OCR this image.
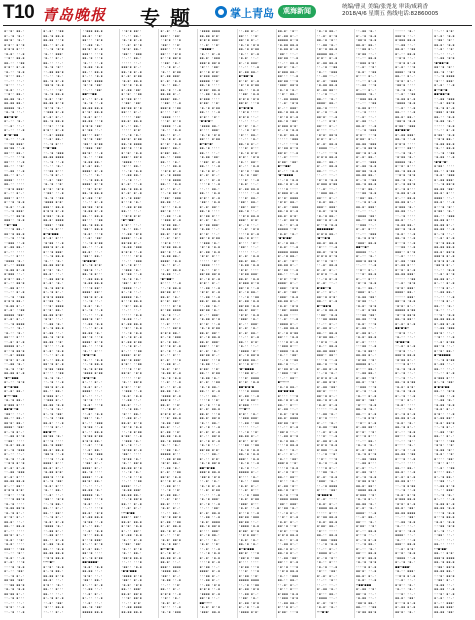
T10 青岛晚报 专题	掌上青岛	观海新闻	统编/曹灵 美编/张尧龙 审读/咸莉香
2018/4/6 星期五 热线电话:82860005
▪··▪· ▪▪-·
▪·-·▪ ·▪-·
▪▪·▪· ·▪-·
▪·▪·· ▪··▪
▪·▪·▪ ▪···
·▪-▪· ··-▪
··▪·· ▪▪-▪
▪▪-·· ··▪▪
▪·▪·· ▪·-▪
·▪-·· ·▪-▪
·▪··· ▪▪-·
··-·· ··-·
·▪··· ··-·
·▪-▪· ··-·
··▪·· ▪▪-·
▪▪-▪▪ ·▪-·
▪▪-▪▪ ▪▪-·
▪▪▪▪▪ ·▪-·
·▪-·▪ ··-·
▪▪··▪·▪·
▪·-·· ·▪-·
··-▪· ··-·
▪·-·· ··-▪
▪··▪··▪▪
·▪-·· ··-▪
···▪▪ ▪▪▪·
▪▪·▪▪ ··-▪
▪▪··· ▪▪-·
··-·· ···▪
▪▪··· ··-▪
▪▪-·· ··▪·
··-▪▪ ··-▪
▪▪-·· ▪·-·
▪▪▪▪· ····
▪▪-·· ····
··▪·▪ ▪▪▪·
▪·-·· ▪·-·
▪▪▪·· ▪···
▪···▪ ·▪-▪
·▪-▪· ··-▪
··-·▪ ▪▪▪·
··-·· ▪▪·▪
▪▪▪·· ·▪-▪
··▪···▪▪
····▪ ▪▪-·
▪▪··▪ ▪▪-▪
··-·▪ ···▪
··▪▪▪ ··-▪
▪·-▪▪ ▪▪-·
▪·-·· ····
··-·· ▪···
·▪▪▪▪ ·▪-·
▪·-·· ▪▪▪▪
·▪-▪▪ ▪·-▪
▪·▪▪▪ ··-·
▪·▪·· ▪▪-·
▪·-·· ▪▪·▪
··-▪▪ ▪···
··-·· ▪·-▪
··-·▪ ··▪▪
▪·▪·▪ ▪▪-·
·▪-▪▪ ▪·-·
▪·-▪· ··▪▪
▪▪▪▪▪ ·▪▪·
▪·-▪· ▪·-·
··-·▪ ▪▪▪▪
··-·· ·▪-·
·▪-·· ·▪-·
▪▪··· ▪···
··-▪· ▪·-▪
▪▪▪▪▪ ▪·-·
▪···▪ ▪▪·▪
··-▪· ▪▪▪▪
·▪·▪· ▪·-▪
··-▪▪ ·▪-·
·▪-·▪ ··▪·
▪▪-▪▪ ▪·-▪
·▪-··▪▪▪
▪·-·· ·▪·▪
▪·-·▪·▪▪
▪·-▪· ▪▪-·
▪·-···▪▪
·▪-·▪ ▪▪-·
▪·▪▪▪ ▪···
▪▪-▪···▪
·▪▪·· ··-·
▪▪-·· ▪▪-·
▪▪·▪· ▪▪-·
▪▪▪▪· ·▪▪·
▪·-·▪ ▪·-·
··-▪▪ ▪··▪
··▪▪· ····
·▪-▪· ▪▪-▪
▪·-·▪ ·▪▪▪
▪·-·· ··-·
·▪-·▪ ··-▪
··▪·▪ ▪··▪
▪·-▪· ▪·-▪
··-▪▪ ·▪▪▪
▪·-▪· ▪···
▪▪-▪▪ ▪▪-▪
▪·-·· ▪▪··
▪·▪·▪ ▪·▪·
··▪·· ···▪
····▪ ▪▪·▪
·▪-·▪ ····
·▪-▪▪ ▪▪·▪
·▪-·▪ ▪·-·
▪··▪· ▪·-·
▪▪-▪· ··-·
▪▪-·· ▪▪-▪
▪·-·· ····
▪▪·▪· ▪·-·
·▪-▪· ··▪·
·▪-▪· ····
▪▪▪·· ··▪▪
··-·· ·▪··
·▪-▪· ··-▪
▪·-▪· ···▪
····▪ ·▪-▪
▪·-·· ·▪▪·
··-·▪ ▪·-·
▪▪·▪▪ ·▪▪·
···▪▪ ▪▪·▪
·▪-·▪ ·▪-▪
▪▪·▪▪ ▪·-·
··-·▪ ▪···
··-·· ··-·
·▪·▪· ··-▪
··-·▪ ··-▪
▪·-▪· ··▪▪
▪▪-·▪ ▪▪-▪
▪▪-▪▪ ···▪
▪▪-·· ▪·-▪
··-·▪ ·▪·▪
·▪-·· ▪▪▪·
·▪-·· ▪·-·
▪▪-·· ··-·
·▪-·▪ ·▪··
··-▪▪ ▪▪·▪
··-·· ·▪-·
▪▪-·▪ ▪·-▪
·▪▪·▪ ·▪-▪
··-·· ··▪·
·▪-·▪ ▪▪-▪
·▪-▪· ··▪·
▪▪-▪▪ ▪··▪
·▪··▪ ·▪-·
··▪▪▪ ▪·-▪
▪·-▪· ▪·-·
▪▪-·▪ ▪▪-▪
···▪· ···▪
▪·▪·· ▪·-▪
··-▪· ▪▪▪▪
··-▪· ▪▪-·
··-·▪ ▪···
···▪··▪▪
··-·▪ ·▪▪▪
▪▪-▪▪ ▪▪▪▪
··-·▪ ··-▪
··-·· ·▪-·
···▪▪ ▪···
··-·▪ ▪·-·
··-▪· ·▪▪·
·▪-·▪ ··▪·
▪··▪· ·▪·▪
··▪▪· ··-▪
·▪-·▪ ··▪▪
·▪▪▪▪ ▪·▪·
▪▪▪·· ▪▪-▪
▪·▪·▪ ▪·-▪
▪·▪▪· ·▪-▪
▪▪-▪· ▪▪▪▪
·▪▪▪· ··▪▪
··-·▪ ▪···
▪·-▪·▪▪▪
▪·-▪· ▪···
·▪·▪▪ ··-▪
▪▪▪·▪ ▪·-▪
▪···▪ ▪▪▪·
··-·▪ ▪▪-▪
·▪-·· ·▪-·
▪▪-▪▪ ▪▪·▪
▪··▪· ·▪-·
▪▪-▪· ··-·
··-▪▪ ▪▪·▪
▪·-▪· ·▪-·
·▪-·▪ ▪▪·▪
▪·-·▪ ▪·-·
▪·▪·▪ ▪▪▪▪
▪··▪▪ ·▪-·
···▪· ▪▪▪▪
▪··▪· ▪▪-·
▪▪-▪▪ ▪·▪·
·▪·▪· ··-·
··-▪▪ ·▪-·
▪·-·▪ ▪▪-▪
▪·-▪▪ ··-·
▪▪-·▪ ·▪·▪
▪▪-▪▪ ··▪·
·▪··· ··-▪
▪·-▪· ·▪-▪
··-·· ▪·-▪
▪·-·· ▪▪-▪
▪▪··▪ ▪·-▪
·▪·▪▪ ·▪▪▪
▪···· ··▪▪
·▪-·▪ ·▪-·
··-·▪ ··-▪
·▪▪·▪ ▪·-▪
▪▪-·· ▪▪-·
▪·▪▪▪ ▪·-·
··▪▪▪ ▪·-·
▪▪-▪▪ ·▪-▪
··-·▪ ·▪-·
▪·-·▪ ·▪▪·
··-·▪ ··▪▪
▪▪-▪· ··-▪
····▪ ▪·-·
▪▪·▪····
▪▪·▪▪ ·▪-·
▪···▪ ····
▪▪-·▪ ▪▪▪·
▪▪-▪· ▪▪-▪
·▪▪·▪ ··-▪
····▪ ··-▪
▪▪▪▪· ▪···
▪▪-▪· ▪·-·
·▪-▪▪ ▪·▪·
▪▪▪·▪ ···▪
▪·-·▪ ·▪▪·
·▪-▪· ▪···
·▪-·· ▪▪-·
··-▪· ··-·
·▪▪·· ·▪·▪
··-·▪ ▪▪-·
▪▪-·· ▪·-·
▪▪-·· ▪▪··
··-·▪ ▪·-·
·▪-▪· ▪·-▪
·▪▪▪▪ ·▪-·
··-▪▪ ▪·-·
··-▪▪ ▪···
▪▪-·· ▪·-▪
▪·-▪▪ ·▪-▪
▪▪-·· ·▪-▪
▪▪-▪▪ ▪▪-▪
··▪·▪ ▪▪-▪
··-··▪··
▪··▪· ·▪-▪
▪·-·▪ ▪▪-·
▪▪-▪▪ ▪··▪
▪▪-▪· ··-·
▪·▪·· ·▪-·
▪▪-·· ▪···
▪▪-·· ··-·
▪·-·▪ ▪·-▪
··-▪· ·▪▪·
·▪··· ▪▪-▪
··-·· ▪·-·
··▪▪▪ ▪▪-▪
▪▪-▪· ··▪·
▪▪··· ·▪·▪
··-▪▪ ·▪-·
▪▪·▪· ▪·-▪
▪▪▪·· ···▪
▪▪-·▪ ···▪
·▪-·· ··-▪
·▪-▪▪ ·▪-▪
▪▪-·· ▪▪-▪
▪·-·· ·▪-▪
▪▪·▪· ▪▪▪▪
·▪··▪ ·▪▪·
··-·· ·▪▪·
▪▪-···▪▪
▪·-·· ▪·-▪
·▪-·▪ ··-▪
▪▪-▪▪ ▪▪-▪
▪··▪· ▪▪-▪
·▪-▪· ▪···
▪▪-▪▪ ···▪
▪·▪·▪ ·▪▪·
▪··▪▪ ··-·
▪▪··· ▪▪··
·▪··▪ ·▪▪·
·▪▪·· ▪·▪▪
··▪▪▪ ·▪▪·
▪▪·▪· ··-▪
·▪-·· ··▪▪
·▪-▪▪ ▪▪-·
▪·-▪· ▪▪-·
▪▪▪▪· ▪·-▪
··-·· ·▪-·
··-·▪ ▪▪-▪
▪▪▪▪· ▪··▪
···▪· ▪·▪·
▪▪-·▪ ▪▪-▪
▪·-▪▪ ··▪·
··-·· ▪·-▪
▪▪·▪▪ ·▪·▪
·▪-▪▪ ▪·-▪
▪▪-·· ▪▪-▪
▪▪··· ··▪▪
▪▪-·▪ ▪▪-▪
·▪▪·· ▪▪-▪
·▪-▪· ···▪
··-▪· ·▪▪·
··-·▪ ▪·▪▪
▪▪-·· ··-▪
▪▪-▪· ··-·
·▪▪·· ▪▪-·
·▪-▪▪·▪·
▪·-·▪ ▪·▪·
·▪▪·▪ ··-·
▪▪-·▪ ▪···
··-▪▪ ▪▪-▪
·▪-▪▪ ▪▪-▪
····▪ ▪▪··
▪▪▪▪· ▪▪··
·▪▪·▪ ▪·-▪
··-·▪ ··-·
·▪-▪· ·▪-·
▪·-·▪ ··-▪
··-·· ··-▪
▪▪▪·▪ ·▪··
··-▪▪ ·▪-▪
··-·· ▪·-▪
▪▪-▪▪ ·▪-·
▪▪··▪ ···▪
▪▪▪▪· ▪··▪
▪▪-·· ···▪
·▪-·· ▪···
·▪-▪···▪
·▪-·· ·▪-▪
··-·▪ ▪▪-▪
·▪-·▪ ▪·▪▪
·▪▪▪▪ ▪·▪▪
·▪-▪···▪
▪·-·· ▪·-·
·▪-▪· ▪·-·
▪▪▪▪· ··-·
▪·-·· ··-·
·▪··▪ ····
·▪-▪· ···▪
▪·-·▪▪··
··-▪· ·▪-▪
·▪▪·· ·▪-·
▪·-·· ·▪▪▪
·▪·▪▪ ··-▪
▪·-·· ▪▪-▪
·▪·▪▪ ▪·▪▪
▪·▪·▪ ▪▪-·
··-▪· ···▪
··-▪· ▪▪-·
···▪▪ ·▪▪▪
··-·▪ ··-▪
··▪▪· ▪·-·
▪▪▪▪· ▪·-·
▪▪-·▪ ····
▪▪▪▪· ··-▪
▪▪·▪· ▪▪-·
··-·· ··-·
▪▪-▪▪ ·▪-·
▪▪▪▪▪ ·▪-·
·▪▪▪· ···▪
·▪-▪· ··-·
··-·· ···▪
▪▪-▪· ·▪·▪
▪·-▪▪ ▪▪-▪
·▪·▪▪ ··-▪
▪·-·· ▪▪-·
··-▪· ·▪-▪
·▪··· ▪▪-▪
▪···▪ ▪▪▪·
▪·-·· ▪··▪
▪·-▪· ▪▪-·
▪▪··▪ ····
▪·-·▪ ▪·▪▪
▪▪·▪▪▪▪·
·▪-▪· ·▪-▪
▪▪-▪▪ ··-·
·▪·▪· ··-·
·▪▪·· ▪▪-·
▪·-·· ▪·-▪
··-▪▪ ··-·
··-▪· ▪·-·
▪·-·· ··-▪
··-▪· ··-·
▪▪-·▪ ·▪▪·
▪▪▪▪▪ ▪▪-▪
··▪·▪ ▪▪··
··-·· ▪▪-·
·▪-·▪ ▪·-▪
··-▪· ▪··▪
·▪·▪· ▪▪-·
·▪▪·· ·▪▪▪
··-·· ▪▪-·
····· ··-·
▪▪▪·▪ ▪·-·
▪▪-·▪ ▪·-▪
▪·-▪· ▪·▪▪
·▪-▪· ▪▪-▪
·▪··▪ ·▪-▪
▪·-▪▪ ·▪▪·
▪··▪· ··▪▪
▪··▪▪ ▪···
··▪▪· ·▪▪·
▪▪·▪▪ ▪··▪
▪▪··· ▪·-·
····· ·▪▪·
▪▪-▪· ▪▪-▪
▪·-·· ▪▪-·
····· ▪·▪·
··-·▪ ·▪-·
▪▪·▪· ▪·▪▪
▪▪-·▪ ▪▪▪▪
▪▪··▪ ···▪
▪··▪· ·▪-▪
▪▪▪·· ▪▪·▪
·▪▪▪▪ ····
·▪··· ▪▪-·
··-·▪ ·▪-▪
··-▪▪ ▪▪-·
··-·▪ ··-·
▪·-▪· ··-▪
▪▪-·▪ ▪▪-▪
▪·-▪· ▪·-▪
▪·-·▪ ▪▪▪·
▪···▪ ·▪-·
··-▪▪ ▪·▪▪
▪▪-·· ··-·
··▪·▪ ▪·▪·
·▪-··▪▪·
▪·▪·· ··-·
·▪-·· ▪▪-·
··-▪▪ ·▪·▪
▪▪▪▪· ··-▪
▪▪·▪▪ ▪·-·
·▪-▪▪ ·▪▪▪
▪·▪·▪ ··-▪
····· ·▪·▪
··-·· ·▪▪▪
▪·-·▪ ▪···
··▪▪▪ ·▪-·
▪··▪▪ ··-▪
·▪-·▪ ·▪-·
·▪▪·· ▪···
·▪▪▪▪ ··-·
▪·-·▪ ··-·
▪▪▪▪▪ ·▪-·
▪···▪ ▪▪-▪
··▪·· ▪▪-▪
··-·· ··-·
····· ·▪-▪
·▪-▪▪ ··-·
▪·-▪▪ ▪▪-▪
··▪·· ·▪-▪
··-·▪ ·▪-▪
▪·-·▪ ▪·-▪
▪·-▪▪ ▪·▪▪
··-·▪ ▪·-·
▪·-·· ··▪▪
▪▪▪▪· ▪·▪·
▪▪··▪ ▪▪▪·
▪·▪·· ··▪▪
····▪ ··▪·
▪▪·▪· ·▪·▪
····· ··▪·
·▪-·· ▪▪·▪
▪·▪·· ··▪·
··▪▪▪ ··-▪
·▪-▪· ·▪-▪
··-▪▪ ··-·
▪▪-▪· ··-·
··-·▪ ▪▪-·
·▪··· ▪▪-·
··-▪▪ ▪·-·
▪▪-▪· ▪··▪
·▪··▪ ·▪-▪
··-·▪ ▪·▪▪
▪·▪▪· ··-▪
··▪▪▪ ·▪-·
▪·-·▪ ··-·
·▪·▪▪ ▪·-▪
·▪▪·· ····
·▪·▪▪ ·▪-·
·▪-·· ▪▪·▪
▪▪-▪▪ ▪··▪
··-·▪ ·▪-·
··-·▪ ···▪
··-·· ··▪▪
▪▪▪▪· ··-·
·▪-▪▪ ▪▪▪·
▪▪-▪▪ ▪▪-·
··-·▪ ▪▪·▪
▪▪-·· ▪·-▪
··-▪· ▪·-·
··-·▪·▪▪
▪▪▪·· ▪▪··
▪▪-▪· ▪▪-▪
▪··▪· ·▪-▪
▪·-·· ▪▪··
▪·-▪▪ ·▪-▪
·▪-·· ▪·-▪
··▪▪· ·▪▪·
·▪-·· ▪··▪
·▪-·· ▪▪-·
·▪▪·▪ ▪▪-▪
··-·· ···▪
·▪▪·· ·▪-▪
·▪·▪·▪▪▪
·▪▪▪▪ ▪··▪
·▪▪·· ▪·-▪
·▪-▪· ·▪·▪
▪▪-·· ▪▪▪·
▪▪-▪· ▪▪·▪
···▪· ▪▪·▪
··-·· ▪·▪·
··-▪▪ ▪▪▪▪
▪▪-▪▪ ▪▪-▪
▪·-▪· ··-▪
▪▪▪·· ·▪▪·
··▪·▪ ···▪
·▪▪·· ··▪·
▪▪▪·· ···▪
▪▪··· ·▪·▪
▪···▪ ▪▪·▪
··▪▪· ·▪-·
··-·▪ ▪·-·
·▪-·· ▪·▪▪
▪·-▪▪ ▪▪▪·
▪·-▪· ·▪-▪
·▪-·· ▪▪-·
▪▪-·▪ ··-▪
▪▪-▪▪ ▪·-·
▪▪▪▪· ▪▪-·
··▪▪· ··-▪
▪▪▪·▪ ··▪▪
▪···· ·▪··
·▪▪▪▪ ····
···▪· ▪··▪
·▪▪▪▪ ··-▪
·▪-·· ·▪-▪
▪▪-·· ▪·-·
·▪-·▪ ▪·-▪
▪··▪· ·▪-▪
▪▪▪·· ▪▪-·
▪·▪▪· ▪▪-·
▪▪-·· ·▪▪▪
▪▪-·· ·▪-·
··-·· ▪▪-▪
··▪·▪ ▪·-▪
▪·-·▪ ▪▪▪▪
····▪ ▪▪▪▪
▪▪-·· ·▪-▪
▪·-·· ▪·-·
··-·▪ ▪▪·▪
··▪▪· ·▪▪▪
▪▪-▪▪ ··-·
·▪··· ·▪-▪
▪▪··▪ ····
··-▪▪ ··-▪
··▪▪▪ ▪·-▪
·▪·▪▪ ▪▪-·
·▪-▪▪ ▪▪··
▪▪-▪· ·▪·▪
··-▪· ·▪··
··▪·▪ ····
·▪·▪▪ ▪▪-▪
▪▪··▪ ··-▪
·▪-▪▪ ▪▪-·
▪▪▪▪· ·▪-▪
·▪-·· ▪·-·
··-▪· ▪▪-▪
·▪-▪▪ ··-·
·▪-·▪▪··
▪···· ··-▪
··-·▪ ▪▪-▪
▪▪·▪▪ ▪···
▪▪-▪· ·▪-·
▪··▪· ▪▪··
····· ▪··▪
▪··▪▪ ▪▪▪▪
·▪-·▪ ··-·
▪▪-▪· ▪·-·
··-▪· ····
··-·· ▪▪·▪
▪·▪·▪ ▪▪-·
▪·-·▪ ·▪▪▪
▪·-·▪ ▪▪-·
▪···▪ ▪·-▪
▪·-·▪ ··-▪
▪·-·· ▪···
▪·-▪· ···▪
··-▪▪ ▪·-·
·▪-▪· ·▪··
·▪-▪▪ ▪·-▪
·▪-·▪ ·▪-▪
··-▪· ··-▪
▪·-·· ▪·-▪
▪▪-▪▪ ·▪-·
·▪▪▪▪ ▪·-▪
▪▪▪·▪ ··-·
▪▪-▪· ··▪·
··-·▪ ▪·-·
▪·▪·▪ ▪·-▪
···▪· ▪▪-▪
·▪-▪▪ ·▪▪·
▪▪-▪· ··-·
▪·-▪▪ ··▪·
▪▪-▪▪ ·▪-▪
▪▪-·▪ ▪▪▪▪
·▪-·· ·▪-·
···▪▪ ·▪-·
▪▪▪▪▪ ▪···
··-▪▪ ▪·▪▪
·▪·▪· ▪▪-·
··-▪▪ ·▪-·
▪·-▪· ··▪▪
▪▪·▪· ·▪-▪
▪···▪ ▪·-▪
··-▪▪ ▪···
··-·▪ ··▪·
▪·-▪▪ ▪▪-·
··-▪· ·▪··
▪▪-▪· ····
·▪-▪· ▪·-·
··-·· ▪▪-·
·▪··▪ ▪▪·▪
▪·-▪▪ ··▪▪
▪·-▪· ▪▪-▪
▪▪-·▪ ▪·-▪
▪·-·· ··▪·
·▪-▪· ▪▪·▪
·▪-·▪ ▪▪··
▪·-·▪··▪
▪·-·▪ ▪·-·
▪▪-▪▪ ▪·-▪
▪▪-▪· ··-·
▪▪▪·· ▪▪▪▪
·▪▪▪▪ ▪▪-·
·▪▪·· ▪·-·
·▪-▪▪ ··-▪
··-·· ··▪·
▪▪-·· ▪·-·
▪·▪·▪ ··-▪
··▪·· ·▪-·
·▪-▪· ▪·-·
·▪··· ··-▪
·▪-·▪ ·▪▪▪
·▪▪▪▪ ▪▪▪▪
▪▪-▪▪ ▪·▪·
▪·▪·▪ ▪▪▪·
··-▪· ··▪·
··▪▪▪▪··
·▪-·· ▪·-▪
▪▪-▪· ·▪▪▪
▪▪▪·▪ ▪▪·▪
·▪··· ·▪▪·
▪···▪ ▪·▪·
▪·▪▪▪ ▪▪▪·
▪▪▪▪▪ ··▪·
▪▪-·▪ ····
▪·▪▪· ▪▪-▪
··-▪▪ ·▪-▪
▪·▪▪▪ ····
▪·▪▪· ··▪·
·▪-·▪ ▪·▪▪
▪▪-·· ··-▪
▪·▪·· ·▪··
·▪·▪·▪··
·▪▪▪▪ ▪▪-·
▪···· ▪▪▪·
·▪-·▪ ·▪·▪
▪▪··· ▪·▪▪
▪·-▪··▪·
▪▪-·▪ ····
▪▪-·· ··-·
·▪-▪▪ ·▪▪·
··▪▪· ▪·-▪
▪▪-·· ··-▪
·▪-·▪ ▪·-·
▪·-▪· ▪·-·
▪·-·· ▪·-▪
····▪ ··-▪
··-·· ▪▪-·
▪▪-·· ·▪-▪
▪·▪·· ▪·-▪
·▪▪·· ·▪-▪
▪·-▪· ▪▪··
▪▪-·▪ ····
▪··▪▪ ▪···
▪·-▪· ·▪-·
▪··▪▪ ▪▪▪·
·▪-▪▪ ··-·
▪··▪· ··-·
▪▪··▪ ▪·▪▪
··▪▪▪ ·▪-·
·▪··▪ ·▪-▪
▪·-▪▪ ·▪-▪
·▪·▪· ▪···
····· ·▪··
·▪▪▪▪ ····
·▪-·· ·▪··
▪▪·▪▪ ▪▪·▪
▪·-·▪ ▪·-▪
▪·▪·· ▪·-·
··-▪▪ ··-▪
·▪·▪· ▪·-▪
··-▪▪ ··-▪
▪▪-▪· ▪▪-▪
··-▪▪ ·▪-·
▪▪·▪▪ ·▪-·
▪·-·· ▪▪▪·
·▪-▪▪ ▪··▪
▪··▪· ··-▪
·▪-·▪ ▪·▪▪
▪▪-▪· ▪▪··
▪·-·▪ ▪▪-▪
▪▪-▪· ▪▪▪·
▪▪▪·· ··▪·
▪·-▪· ·▪-·
▪▪·▪▪ ▪·-·
·▪▪▪· ···▪
·▪-▪▪ ··-·
▪·▪▪· ··▪·
▪▪-·· ▪·▪▪
·▪-▪▪ ·▪-·
▪·-▪· ··▪▪
·▪-·▪ ▪▪-·
▪▪-·· ▪·-▪
··-·· ▪▪-·
····▪ ··▪·
▪·-·▪ ···▪
▪·-▪· ▪▪-▪
▪▪-▪· ···▪
▪▪-▪· ▪▪·▪
·▪-·· ▪▪-·
▪·-·▪ ··-▪
▪·-▪· ▪·-▪
▪·-·· ▪▪·▪
▪·-·▪ ▪·-▪
·▪-·▪ ··-·
▪▪·▪▪ ▪·▪·
··-·· ▪▪-·
▪·-·· ▪·▪·
·▪-·▪ ▪▪·▪
▪▪-·▪·▪▪
▪▪▪·▪ ▪▪-▪
·▪▪·▪ ·▪·▪
··-▪· ·▪-·
·▪-·▪ ▪·-▪
··-▪· ▪·▪▪
··-·· ··-▪
·▪-·▪ ▪▪▪·
▪·-·▪ ··-▪
··-·· ·▪▪·
▪·-▪· ▪▪-▪
··-▪▪ ··-▪
·▪-▪· ▪▪▪▪
▪▪-·▪ ▪▪·▪
▪···· ▪▪▪·
▪·-·▪ ▪▪-·
▪·-·· ·▪-·
·▪-▪· ··▪·
··-▪· ··-▪
··-·▪ ·▪-▪
▪·-▪· ·▪-▪
····▪ ▪·-▪
▪··▪▪ ··-·
▪▪▪▪· ▪·-▪
···▪▪ ▪·-·
··-▪▪ ▪·-·
··-▪▪ ·▪·▪
▪·▪·▪ ··-▪
·▪▪▪▪ ▪·-▪
▪▪··▪ ··-·
▪▪······
·▪-▪· ▪··▪
·▪▪▪· ▪▪-▪
··-▪▪ ▪·-·
▪▪··· ··▪·
▪▪··▪ ▪·-·
·▪-·▪ ·▪·▪
▪▪-·▪ ▪·▪▪
·▪-·· ▪·-▪
·▪-▪· ··-·
▪·-·▪ ▪▪▪·
··-·· ··-▪
▪·-▪▪ ▪▪-·
▪·-▪▪··▪
▪··▪· ▪·-▪
·▪··▪ ▪·▪▪
▪▪-·· ·▪-▪
··▪▪· ·▪-▪
▪·▪·▪ ·▪·▪
▪▪·▪· ···▪
▪·-▪·▪·▪
··▪·▪ ····
▪·▪·▪ ··-·
··-·· ··-·
▪··▪· ·▪-·
··-·▪ ·▪··
·▪··· ▪▪-·
··-·· ·▪-·
▪▪-·▪ ▪·-·
···▪· ▪···
·▪-·▪ ▪·▪·
▪·▪·· ·▪·▪
·▪-·· ▪▪··
▪·-·· ·▪-▪
·▪··▪ ··▪▪
·▪-·▪ ·▪▪·
···▪· ··-▪
·▪-▪· ··-·
▪·-▪▪ ▪▪-▪
····· ··-▪
···▪· ▪▪-·
·▪▪·· ▪▪-·
·▪▪·· ▪▪··
▪▪-·▪ ··-·
··▪·▪ ▪▪-▪
▪▪▪·· ▪·▪·
▪·-·▪ ··-·
··-▪· ·▪·▪
····▪ ▪·-▪
▪▪-·▪ ▪···
▪···· ·▪··
·▪▪·· ··-·
····· ··-·
▪·-▪· ·▪-▪
▪▪-▪· ▪▪-·
·▪-▪▪ ·▪-▪
·▪·▪· ····
·▪·▪▪ ▪▪▪·
▪▪-▪· ·▪-▪
▪·▪▪▪ ▪··▪
▪▪··▪ ··-▪
▪·-·▪ ▪▪-·
··-·▪ ··▪▪
▪·-▪▪ ·▪-▪
▪▪·▪▪ ·▪-▪
▪▪-▪· ▪▪··
·▪·▪· ·▪-▪
·▪▪▪· ·▪-·
▪·-·· ▪▪▪·
▪·-▪· ·▪-·
▪·-▪· ▪▪-·
··-·· ▪·-▪
▪▪-·· ▪·▪·
·▪-·· ··-·
·▪▪▪▪ ·▪··
▪·-·▪ ▪▪·▪
▪·▪▪▪ ▪▪-·
▪···▪ ▪···
·▪··▪▪▪▪
···▪▪ ▪·-·
···▪· ▪▪▪▪
▪··▪· ·▪-▪
▪▪-▪·▪·▪
····▪ ▪▪▪▪
▪·-▪▪ ··-▪
·▪··▪ ▪▪··
▪·▪▪▪ ····
··-·▪···
▪·▪·· ·▪-·
··▪▪▪ ▪▪▪·
··-▪▪ ··▪▪
····· ··-·
··-·▪ ··▪·
▪▪-▪▪ ▪·-·
▪·▪·· ▪·▪·
···▪▪ ··▪▪
·▪-·▪ ·▪-▪
▪▪-·▪ ·▪-▪
▪▪▪·· ·▪-▪
·▪-·▪ ··-▪
·▪-·▪ ··-·
▪▪▪▪▪ ▪·-·
▪···· ·▪-·
·▪-·· ·▪▪▪
·▪-▪· ▪·-·
··-▪· ▪···
··-·▪ ·▪▪▪
·▪-▪· ▪·▪▪
·▪▪▪· ▪···
·▪-▪· ··-▪
▪···▪ ··-▪
▪▪·▪▪ ·▪▪▪
▪▪·▪▪ ··-·
·▪▪▪▪ ·▪-▪
▪·▪▪· ▪··▪
··▪·▪ ▪▪··
·▪-▪· ·▪-·
▪▪-·▪ ·▪-·
▪·-▪·▪▪▪
▪▪·▪· ···▪
·▪▪·▪ ··▪▪
▪···· ····
·▪·▪▪ ···▪
···▪· ···▪
▪··▪▪ ··▪·
▪▪▪▪▪ ▪▪▪▪
··-·▪ ··▪▪
▪·-▪▪ ·▪·▪
··-▪▪ ▪·-·
··▪▪· ·▪-·
▪·-▪▪ ·▪·▪
▪·-·▪ ··-▪
·▪▪▪▪ ▪·▪·
▪▪-▪· ·▪··
▪·-▪▪ ▪·-·
▪▪▪▪▪ ▪··▪
·▪-▪▪ ▪▪-▪
·▪-▪▪ ▪·-▪
·▪▪·· ··-·
▪▪·▪▪ ··-▪
··-·· ▪▪-▪
▪▪·▪· ·▪-·
▪·▪▪▪ ▪▪-·
▪▪··· ··-▪
▪▪·▪▪ ···▪
·▪▪▪· ▪▪·▪
·▪-·▪ ·▪-·
··▪·· ▪▪-·
··-▪▪ ▪▪▪▪
··-▪· ·▪·▪
▪·-·· ▪▪▪·
▪▪-·▪ ▪▪-▪
·▪··▪ ▪·-▪
▪▪-·▪ ·▪▪·
▪·▪▪▪ ▪·▪·
▪·-·▪ ·▪-▪
·▪-▪· ▪▪-▪
····· ·▪▪▪
··-·· ···▪
▪··▪▪ ▪··▪
▪▪·▪· ··-▪
··-▪· ····
▪·▪▪· ·▪▪·
▪····▪▪·
▪·-·· ·▪-▪
·▪-·▪▪▪▪
··-·▪ ·▪-▪
▪▪-·▪ ▪·-▪
····▪ ····
▪·▪▪▪ ▪·-▪
▪··▪· ▪▪▪▪
·▪·▪· ▪▪-·
▪·-▪· ·▪▪▪
▪▪-·▪ ▪·-▪
▪▪-▪· ▪·▪·
··-▪· ▪▪·▪
·▪-·· ▪·-▪
▪▪▪▪▪ ··▪·
·▪-▪· ·▪-·
·▪-▪·▪▪·
▪·-·▪ ▪▪-·
·▪-▪· ··-▪
▪▪▪▪▪ ▪▪▪▪
▪·-·▪ ▪▪-·
▪·-▪· ·▪··
▪▪-▪▪ ▪·-·
▪··▪▪ ··-▪
▪▪-·· ··-▪
·▪·▪· ··▪·
▪▪▪▪· ▪·-·
·▪▪▪· ·▪·▪
▪·-▪· ·▪▪·
·▪▪▪· ·▪-▪
▪▪-▪▪ ▪·-·
·▪-▪· ·▪·▪
··▪▪· ▪▪▪▪
·▪-▪▪ ····
··-▪· ··-▪
·▪▪▪▪ ▪·-·
··-▪▪ ▪▪-▪
▪·-·▪ ▪·▪▪
▪▪··· ·▪-▪
····▪ ▪·-▪
··▪▪▪ ▪···
·▪▪▪▪ ·▪-▪
·▪-·· ·▪▪·
··-·▪ ··▪▪
▪▪-·▪ ··-·
▪··▪▪ ▪·-▪
··▪▪▪ ··▪·
··-·· ▪▪··
▪·-·····
·▪-·▪ ▪▪-·
▪▪-▪▪·▪▪
▪···· ···▪
▪▪-·▪ ▪·-▪
▪▪-·· ▪···
▪·-▪▪ ··-·
·▪-▪· ·▪·▪
▪▪-▪· ▪▪▪▪
▪▪·▪▪ ·▪··
··-·· ▪·-▪
·▪▪·▪ ··-·
··-▪▪ ▪··▪
·▪-·▪ ▪▪-·
····▪ ▪▪-▪
·▪-·· ·▪-·
▪·-·· ▪·-·
·▪-·· ·▪▪·
▪▪▪·▪ ··▪·
····▪ ·▪-▪
▪·-·▪ ·▪··
▪▪-·· ▪▪··
·▪··· ·▪-·
▪·-▪▪ ·▪··
▪▪-·▪ ·▪··
·▪-·▪ ···▪
·▪▪▪▪ ▪▪▪▪
·▪▪·· ▪▪▪·
▪··▪▪ ·▪-·
··-·▪ ▪·-·
··▪·· ▪·-▪
·▪-▪· ▪·-·
▪▪··▪ ··▪·
·▪·▪· ···▪
▪·▪·▪ ▪▪-▪
·▪-·· ▪·-▪
··-▪▪ ▪·-·
▪▪-·▪ ▪·-·
▪▪-·▪ ▪·-·
··-▪▪ ·▪▪·
▪▪··· ▪·-▪
·▪··▪ ···▪
··▪·▪ ▪▪-▪
·▪-·· ·▪▪▪
▪▪-·· ▪▪-·
··-▪· ▪·-·
·▪··· ▪···
▪·▪▪▪ ·▪-▪
··▪▪▪ ·▪·▪
··-▪▪ ▪▪-·
▪···▪ ▪·-·
▪·▪▪· ···▪
·▪-·▪ ▪▪-·
··-▪· ▪··▪
▪▪-·▪ ·▪··
··-▪▪ ·▪-·
·▪··▪ ▪▪-▪
▪▪▪▪▪ ▪▪-·
▪·▪·· ▪·-▪
▪·-▪▪ ▪▪-▪
··-·▪ ··▪▪
·▪-·· ·▪▪▪
··-▪▪ ··-·
▪·-▪· ·▪▪▪
·▪-▪▪ ▪▪-▪
▪·-▪▪ ▪▪··
··-·▪ ··-·
▪▪-·· ·▪-·
▪▪▪▪· ▪▪-·
▪▪-·▪ ····
▪·-·▪ ··-▪
▪▪·▪· ··-▪
··-·· ▪·▪·
▪▪··· ▪·-·
▪···· ··-·
·▪·▪· ▪▪·▪
▪·▪·· ▪·-·
▪·-▪· ▪▪-▪
·▪▪▪▪ ··-·
··-·· ···▪
▪·▪·▪ ▪▪-▪
▪▪-·· ▪▪-·
▪·-·· ▪▪-▪
▪▪-·· ··-·
··-·· ··-·
·▪··▪ ·▪-▪
▪·▪▪▪ ▪·▪▪
··-▪· ··-·
··▪▪▪ ▪▪-·
▪▪··· ▪·-·
·▪-▪· ▪▪-·
▪▪▪·· ▪▪▪·
·▪-▪· ·▪·▪
·▪-·▪ ▪▪-·
▪▪··▪ ▪·-▪
▪···▪ ·▪-▪
▪▪▪▪▪▪▪·
▪·▪·▪ ▪▪-·
·▪-··▪·▪
▪▪-▪· ▪▪-▪
·▪··· ··-▪
▪▪-▪· ·▪·▪
▪·▪·▪ ▪··▪
▪···▪ ·▪··
··-▪· ▪▪-▪
▪·-▪· ▪·-·
▪·▪·▪ ··-▪
··-·▪ ▪·-▪
▪·-▪· ··-·
▪·▪▪···▪
▪·-·· ▪·-·
▪▪··▪ ▪·▪·
▪▪-·· ▪·-▪
▪·-·▪▪·▪
▪·-·▪ ▪▪-▪
··▪▪· ·▪-▪
···▪▪ ▪▪▪▪
··-·· ▪·-·
▪·-▪▪ ▪·-·
▪▪-·· ▪▪-▪
·▪·▪▪ ▪▪-·
··▪·▪ ··-▪
·▪-·· ▪▪-▪
▪▪-▪▪ ▪▪▪·
▪▪▪·· ▪▪··
····▪ ··-▪
▪▪-·▪ ···▪
▪·-▪▪ ▪·-▪
··-·▪ ·▪-·
▪·▪·▪ ▪·-▪
▪·-▪▪ ▪·▪·
▪·-▪▪ ·▪▪·
▪▪·▪· ····
▪▪··▪ ▪·-·
▪▪-·▪ ▪·-▪
·▪-▪· ▪·-▪
····· ··-▪
··-▪▪ ·▪-·
·▪··▪ ····
▪·-·· ·▪-·
·▪-▪▪ ··▪▪
··-▪· ▪·-▪
···▪· ··-▪
▪·-▪▪ ▪·-▪
▪·▪·▪ ·▪-▪
▪·▪▪▪ ··-▪
··-·▪ ··▪·
··▪·· ···▪
·▪-·▪ ··-▪
····▪ ▪·-·
···▪▪ ·▪-·
▪·-▪· ·▪-▪
·▪▪▪· ·▪-·
··-·▪ ▪▪▪▪
▪···· ·▪▪·
·▪·▪▪▪·▪
▪·-▪· ····
·▪-▪· ▪·-·
·▪▪▪▪ ▪▪-▪
····· ▪···
▪··▪▪ ▪▪-▪
·▪-▪· ▪▪-▪
▪·▪▪· ▪▪-·
·▪··· ····
▪▪-·· ▪▪-▪
··▪▪▪ ·▪▪▪
··-·▪ ·▪-▪
··-·· ▪·-·
·▪▪▪▪ ▪·-·
▪·-·▪ ·▪··
·▪-·· ▪···
·▪-·▪ ··-▪
·▪··· ·▪▪·
▪·-▪· ▪·-·
··-·· ·▪··
··-·· ··-·
▪·-▪▪ ·▪-·
·▪··· ▪▪-·
·▪▪▪▪ ··-·
▪·-▪· ·▪··
·▪-▪· ·▪-·
····▪·▪·
··-▪▪ ·▪-·
▪·-·▪ ·▪-▪
·▪▪·▪ ·▪-▪
▪▪-▪· ▪▪-·
···▪▪ ▪·-·
·▪·▪▪ ··-·
··-·· ▪▪-▪
··▪▪▪ ▪·▪·
··-▪· ··▪·
·▪-▪· ··▪▪
▪···· ▪·-·
··-·· ▪·-▪
··-▪▪ ···▪
▪·-·· ▪·-·
▪▪▪▪▪ ·▪-·
··▪▪▪ ▪▪-▪
··-·· ··▪▪
·▪-▪▪ ▪···
··-·▪ ····
··-▪· ··-·
▪·-▪▪ ··-·
▪▪-▪· ··-▪
··-·▪ ·▪▪▪
▪·▪·· ···▪
▪·▪▪· ▪·-·
▪▪-▪▪ ·▪▪▪
▪·-·▪ ▪▪·▪
▪▪··▪ ▪·-▪
▪·-▪· ▪▪-·
▪·-·· ·▪▪▪
▪·-▪▪ ·▪-▪
▪▪·▪▪ ·▪-▪
▪▪-▪▪ ▪▪-·
▪·-·▪ ··▪▪
▪▪-·▪ ▪▪-▪
···▪· ▪▪-·
···▪▪ ·▪-▪
··▪▪· ▪▪-·
··-·▪ ▪·-▪
▪▪-▪· ▪▪▪·
··-·· ··-·
·▪▪▪▪ ·▪▪·
▪▪-·· ▪▪·▪
··▪▪▪ ··-·
▪·-▪· ▪···
··-·· ·▪▪▪
·▪-·▪ ▪·▪·
·▪▪▪· ▪▪-▪
▪▪-··▪··
▪▪▪▪▪ ··-·
▪·-·· ·▪-·
▪▪▪·▪ ▪▪·▪
··-·· ··-▪
··▪·· ▪·-·
···▪· ▪▪-▪
▪·-·· ▪···
·▪··▪ ·▪-▪
·▪-·· ▪▪-·
·▪▪▪· ▪·-·
·▪-▪▪ ·▪▪·
·▪·▪▪ ··-·
·▪-▪· ·▪·▪
··-▪· ▪·▪▪
···▪▪ ·▪▪·
▪▪-▪▪ ···▪
·▪-▪· ···▪
▪·-▪▪ ··-·
▪·-▪▪ ▪·-·
·▪-▪· ▪▪-▪
▪·-▪· ····
···▪▪ ··-▪
·▪-·▪ ▪▪··
▪▪-▪▪ ▪·-·
·▪·▪▪ ··▪·
▪▪▪▪▪ ▪·-·
▪···· ▪▪-·
··-▪▪ ▪▪-·
▪·-▪▪ ··▪·
▪▪-▪· ··▪·
··▪▪▪ ···▪
▪·-·▪ ··-▪
·▪-·· ▪·-▪
▪▪·▪· ·▪▪·
·▪··· ·▪-▪
▪▪-·▪ ·▪-·
▪▪-·· ▪·-▪
··-·▪ ▪·▪·
··▪·· ▪·-▪
▪·-▪▪ ▪▪··
▪··▪· ··▪·
▪···▪ ▪···
··-·· ▪▪-·
·▪-·▪ ·▪-·
▪·-▪· ▪▪··
·▪-·▪ ▪··▪
··-▪▪ ·▪▪▪
··-▪▪ ▪···
▪·-▪· ··-·
▪·-▪▪ ·▪··
▪·-·▪ ·▪-▪
·▪·▪▪ ▪·▪·
▪▪-▪· ▪▪··
·▪▪▪▪ ▪▪-▪
▪·▪▪▪ ··▪·
·▪-·▪ ▪·-·
▪▪-▪▪ ·▪-·
▪·-▪· ·▪-·
▪▪▪▪· ··-▪
··-▪· ▪▪-·
▪▪··· ·▪-·
▪·▪▪· ··▪·
▪·-·· ▪▪-▪
▪···▪ ··-·
▪·-·▪ ▪·-▪
··-·▪ ▪▪-·
▪·-·· ·▪-·
▪▪··· ▪▪-▪
·▪·▪· ▪▪-▪
·▪-·▪ ·▪·▪
····▪ ▪·-▪
▪▪·▪· ··-▪
▪▪-▪· ▪·-·
·▪-▪· ··-▪
··▪▪·▪▪▪
▪·-▪▪ ··▪·
▪▪··▪ ··-·
·▪-▪▪ ··-·
·▪▪·▪ ▪▪-·
▪▪-·· ··▪▪
·▪·▪▪ ▪▪·▪
····· ·▪-·
▪▪▪·▪ ··-·
▪·▪▪▪ ▪▪-▪
··-▪▪ ··-·
▪▪-▪· ··▪▪
▪·-·· ▪▪-▪
··▪·▪ ··-·
··▪·▪ ▪·-▪
▪·-▪· ···▪
▪▪▪▪· ·▪·▪
▪▪-·· ▪·-·
·▪·▪· ▪·-·
·▪▪·▪ ····
·▪-·▪ ·▪-·
··-▪· ··▪▪
·▪-▪▪ ▪·-▪
·▪▪▪▪ ·▪-▪
··-▪· ··-▪
▪▪-·· ··-▪
▪▪-▪· ▪▪-·
·▪▪·▪ ·▪-▪
▪·▪▪· ·▪▪▪
▪▪-▪▪·▪·
▪·-▪▪ ▪▪▪·
▪▪-·▪ ··-▪
▪·▪·▪ ····
▪···· ▪▪··
··-·▪ ·▪-·
·▪·▪▪ ·▪-·
▪▪▪▪▪ ·▪-·
▪··▪· ▪···
▪▪-·▪ ▪▪-▪
··▪·▪ ·▪·▪
▪▪-·▪ ·▪-·
▪·-·▪ ▪▪·▪
▪·-·▪ ▪···
·▪-▪▪ ▪·-▪
▪·-·· ▪▪-▪
▪▪-▪▪ ▪·-·
▪·▪▪▪ ·▪-·
▪▪-▪▪ ··-·
··-·▪ ····
▪▪-▪· ··-·
·▪-▪▪ ▪▪-·
▪▪··▪ ·▪-▪
·▪-▪· ··-▪
▪▪-·▪ ··-▪
▪···▪ ··-▪
···▪▪ ··-▪
▪▪▪·· ▪··▪
··-▪· ····
▪·-▪▪ ··▪▪
▪·-▪▪ ▪···
▪··▪· ▪·-▪
▪▪-▪▪ ▪▪▪·
····· ··▪▪
··-▪· ·▪·▪
·▪·▪· ▪▪▪·
▪▪▪▪· ▪▪-·
····· ▪▪▪·
▪▪··▪ ·▪-▪
·▪·▪· ▪·-·
▪▪▪▪▪ ▪·▪▪
·▪··▪ ▪▪·▪
▪▪-·▪ ▪▪··
▪·-▪· ▪·-▪
▪▪·▪·▪··
··▪·▪ ··-·
·▪-·· ··-·
·▪-▪▪··▪
··-▪· ▪·-▪
··▪·▪ ··-·
▪▪▪·▪ ▪▪-▪
·▪·▪▪ ▪·-·
····▪ ▪···
·▪-·▪ ·▪-▪
▪·-·▪ ··-·
··-·▪ ··-·
▪▪-·▪ ▪·▪▪
·▪-▪· ▪·▪·
·▪-·▪ ·▪-▪
▪·-·▪ ··-▪
···▪· ▪·-·
·▪-▪· ····
··-·· ·▪-·
▪·-·▪ ▪·-▪
▪▪-▪▪ ▪·-▪
·▪-▪· ·▪-·
▪▪-·▪ ▪·-·
▪·-·· ·▪-▪
▪▪··· ·▪-▪
··-·· ·▪··
▪···· ·▪-·
▪·-·▪ ··-▪
▪▪-▪▪ ··▪▪
▪···▪ ··-▪
··-·· ····
▪▪-·· ▪▪-·
▪▪-▪· ··-▪
▪·-▪· ▪·-▪
▪▪-▪▪ ▪···
··-·▪ ▪·▪▪
··-·▪ ··-▪
·▪-▪· ▪··▪
▪·▪▪▪ ▪▪-▪
·▪·▪· ▪·-▪
▪▪-▪· ·▪▪·
▪▪-▪▪ ▪▪▪▪
··-·· ·▪▪·
··-▪▪ ·▪-▪
·▪-·· ··-·
▪·▪·· ·▪-▪
▪▪▪▪· ··-·
·▪-·· ··-▪
▪▪▪·· ▪▪-▪
··-▪· ▪·▪·
▪··▪· ·▪-▪
·▪▪▪▪ ··-▪
▪·-·▪ ·▪-·
▪▪-·▪▪▪·
·▪-·· ▪▪▪·
··▪·▪ ▪·-▪
··-▪· ··-·
▪·▪·· ·▪-·
·▪-·· ·▪-·
···▪· ··-·
▪▪-▪· ·▪▪·
▪···▪ ▪·-▪
▪·-▪▪ ▪·-▪
▪▪·▪· ·▪-·
··-·· ▪·▪·
▪·-▪· ·▪-▪
··▪▪· ·▪··
▪▪-▪· ·▪-▪
··-▪· ··▪·
··-·· ··-·
··-▪▪ ·▪·▪
·▪-▪▪··▪
▪▪··▪ ·▪··
▪▪-·▪ ··▪·
··-·▪ ▪▪▪▪
·▪··· ▪▪▪·
▪·-▪· ··-▪
▪···▪··▪
▪▪-▪▪··▪
··-▪▪ ·▪▪▪
··-▪· ▪▪·▪
·▪-·▪ ▪·-▪
·▪▪▪· ▪·▪▪
▪▪-·· ·▪-▪
·▪-▪▪ ·▪-·
····· ·▪-▪
··-·· ▪·-▪
▪·▪▪· ·▪-▪
··▪·▪ ▪▪-·
·▪-▪▪ ▪▪-▪
·▪-·· ▪▪-▪
··-·▪ ··▪▪
·▪-▪▪ ··-▪
·▪-▪··▪·
▪·▪▪· ····
▪▪-·· ▪·▪▪
·▪-▪· ·▪▪▪
▪·-▪▪ ▪▪▪·
··-·▪ ▪▪·▪
▪▪-▪▪ ·▪▪·
▪▪-▪· ▪···
▪▪▪▪· ··-·
▪▪-▪· ··-▪
▪···▪ ·▪··
▪·▪▪· ·▪-·
▪▪-·· ·▪▪▪
▪▪-▪▪ ▪···
▪▪-▪▪ ▪·-·
▪▪-▪▪ ··-▪
▪·-·▪ ··-·
··-▪· ▪·-▪
·▪··▪ ▪▪-▪
▪▪-▪▪ ▪▪-▪
▪▪-▪· ▪▪·▪
▪▪▪·▪ ▪·-▪
▪·▪·▪ ▪·-▪
·▪▪·▪ ▪·-·
··-·· ·▪-▪
··-▪· ▪··▪
▪▪-▪▪ ▪·-·
▪·-·· ▪·-▪
····▪ ▪·-·
··-▪▪ ▪▪-·
··-·· ··-▪
····▪ ▪·-·
▪▪-·· ·▪-·
·▪-·· ··-·
···▪· ·▪-▪
▪▪-▪▪ ▪▪-▪
▪·-▪▪ ▪·-▪
··-▪▪ ·▪▪▪
▪▪·▪· ··-·
··▪·· ··-▪
··-▪· ▪·▪▪
▪▪··▪ ··-·
▪··▪· ▪▪-·
▪·-▪▪▪▪▪
··-·▪ ▪·▪▪
▪·-▪▪ ··-·
▪▪-·· ··-·
··-·· ▪·-▪
▪·▪▪▪ ▪···
▪·-·▪ ·▪▪·
▪·▪·▪·▪▪
▪▪-·· ·▪·▪
··-▪▪ ··-▪
··-▪▪ ·▪-·
·▪-▪▪ ·▪-▪
·▪-▪· ▪·-·
▪·▪·· ··-▪
▪·-▪▪ ▪▪··
·▪-▪· ▪▪·▪
··-·▪ ▪·-·
··-▪▪ ··▪·
▪▪-·· ▪·-·
·▪··· ··▪▪
·▪·▪· ··▪·
·▪-▪▪ ·▪··
·▪-▪· ··▪·
▪···· ·▪▪·
··▪·· ▪···
··-▪· ··▪▪
▪···· ▪▪-·
▪·-·▪ ▪▪-·
···▪▪ ··-·
··-▪▪ ▪··▪
··-·· ▪▪▪·
··-·▪ ·▪-·
▪·-·· ··-▪
·▪-▪▪ ▪·-▪
▪▪-▪▪ ·▪-▪
····▪ ·▪-▪
▪···▪ ▪▪-▪
·▪-▪· ·▪-▪
···▪▪ ·▪·▪
▪·-·▪ ··-·
··▪▪· ··-·
··-·· ··-·
▪▪-·· ····
···▪·▪▪·
▪▪-·· ▪·▪·
▪▪▪·▪ ▪▪▪▪
▪▪-·▪ ▪▪-▪
··▪▪· ▪▪·▪
▪▪-▪▪ ▪▪-·
···▪· ▪▪·▪
··▪▪· ▪·-·
·▪-▪▪ ··-·
▪▪-▪▪ ··-▪
···▪· ▪·-▪
▪·-▪· ··-·
▪·-·· ▪▪▪·
▪▪-▪▪ ▪▪▪·
▪▪-▪▪ ·▪▪·
